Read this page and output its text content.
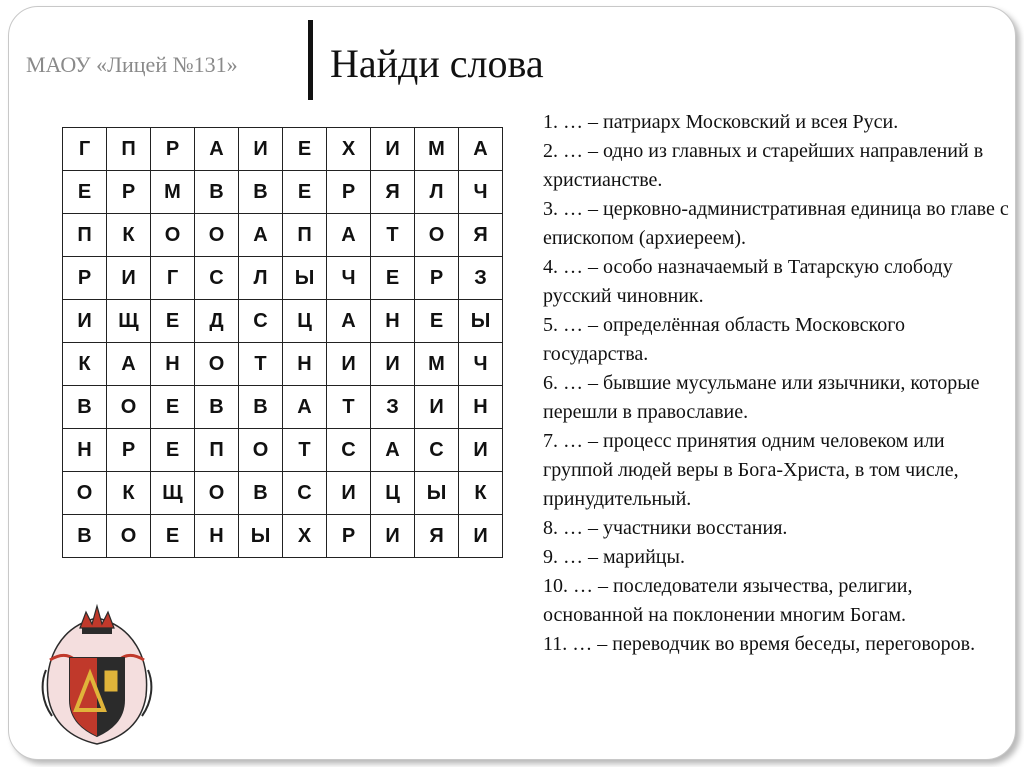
МАОУ «Лицей №131» Найди слова
Г	П	Р	А	И	Е	Х	И	М	А
Е	Р	М	В	В	Е	Р	Я	Л	Ч
П	К	О	О	А	П	А	Т	О	Я
Р	И	Г	С	Л	Ы	Ч	Е	Р	З
И	Щ	Е	Д	С	Ц	А	Н	Е	Ы
К	А	Н	О	Т	Н	И	И	М	Ч
В	О	Е	В	В	А	Т	З	И	Н
Н	Р	Е	П	О	Т	С	А	С	И
О	К	Щ	О	В	С	И	Ц	Ы	К
В	О	Е	Н	Ы	Х	Р	И	Я	И
1. … – патриарх Московский и всея Руси.
2. … – одно из главных и старейших направлений в христианстве.
3. … – церковно-административная единица во главе с епископом (архиереем).
4. … – особо назначаемый в Татарскую слободу русский чиновник.
5. … – определённая область Московского государства.
6. … – бывшие мусульмане или язычники, которые перешли в православие.
7. … – процесс принятия одним человеком или группой людей веры в Бога-Христа, в том числе, принудительный.
8. … – участники восстания.
9. … – марийцы.
10. … – последователи язычества, религии, основанной на поклонении многим Богам.
11. … – переводчик во время беседы, переговоров.
